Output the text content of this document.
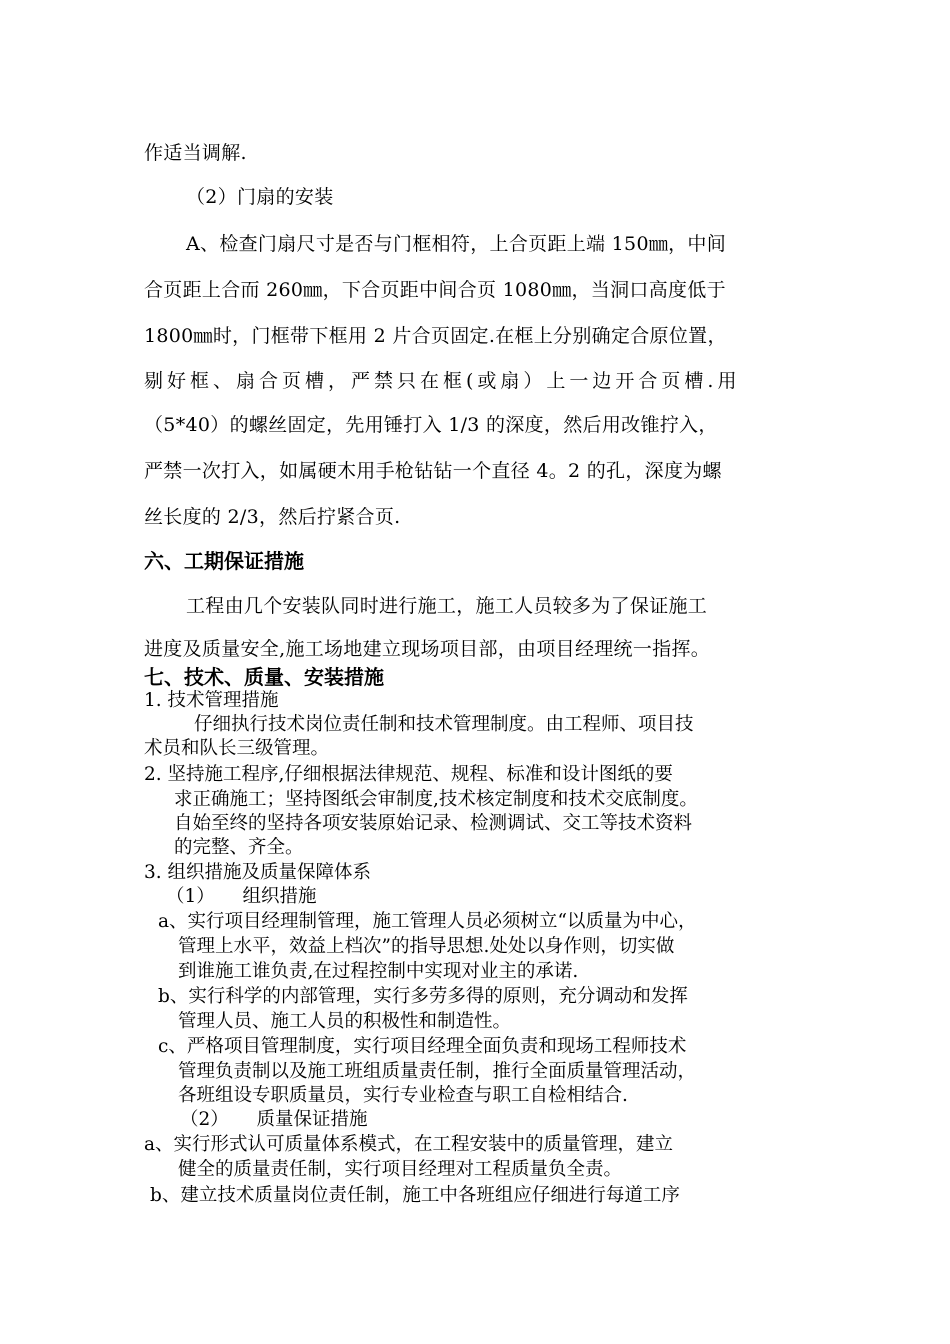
作适当调解.
（2）门扇的安装
A、检查门扇尺寸是否与门框相符，上合页距上端 150㎜，中间
合页距上合而 260㎜，下合页距中间合页 1080㎜，当洞口高度低于
1800㎜时，门框带下框用 2 片合页固定.在框上分别确定合原位置，
剔好框、扇合页槽，严禁只在框(或扇）上一边开合页槽.用
（5*40）的螺丝固定，先用锤打入 1/3 的深度，然后用改锥拧入，
严禁一次打入，如属硬木用手枪钻钻一个直径 4。2 的孔，深度为螺
丝长度的 2/3，然后拧紧合页.
六、工期保证措施
工程由几个安装队同时进行施工，施工人员较多为了保证施工
进度及质量安全,施工场地建立现场项目部，由项目经理统一指挥。
七、技术、质量、安装措施
1. 技术管理措施
仔细执行技术岗位责任制和技术管理制度。由工程师、项目技
术员和队长三级管理。
2. 坚持施工程序,仔细根据法律规范、规程、标准和设计图纸的要
求正确施工；坚持图纸会审制度,技术核定制度和技术交底制度。
自始至终的坚持各项安装原始记录、检测调试、交工等技术资料
的完整、齐全。
3. 组织措施及质量保障体系
（1）　　组织措施
a、实行项目经理制管理，施工管理人员必须树立“以质量为中心，
管理上水平，效益上档次”的指导思想.处处以身作则，切实做
到谁施工谁负责,在过程控制中实现对业主的承诺.
b、实行科学的内部管理，实行多劳多得的原则，充分调动和发挥
管理人员、施工人员的积极性和制造性。
c、严格项目管理制度，实行项目经理全面负责和现场工程师技术
管理负责制以及施工班组质量责任制，推行全面质量管理活动，
各班组设专职质量员，实行专业检查与职工自检相结合.
（2）　　质量保证措施
a、实行形式认可质量体系模式，在工程安装中的质量管理，建立
健全的质量责任制，实行项目经理对工程质量负全责。
b、建立技术质量岗位责任制，施工中各班组应仔细进行每道工序
